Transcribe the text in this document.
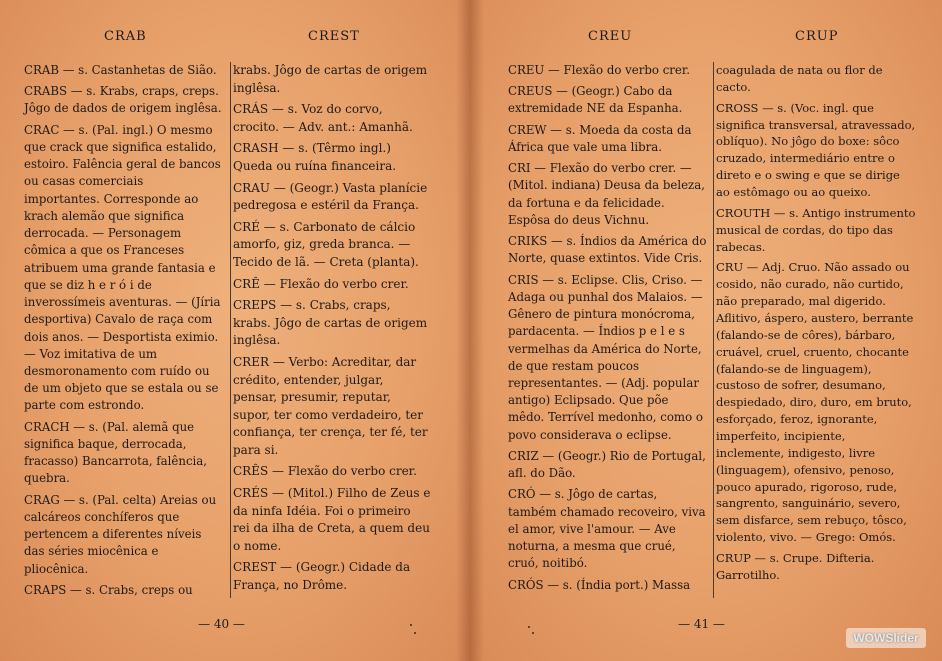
CRAB	CREST

CRAB — s. Castanhetas de Sião.

CRABS — s. Krabs, craps, creps. Jôgo de dados de origem inglêsa.

CRAC — s. (Pal. ingl.) O mesmo que crack que significa estalido, estoiro. Falência geral de bancos ou casas comerciais importantes. Corresponde ao krach alemão que significa derrocada. — Personagem cômica a que os Franceses atribuem uma grande fantasia e que se diz h e r ó i de inverossímeis aventuras. — (Jíria desportiva) Cavalo de raça com dois anos. — Desportista eximio. — Voz imitativa de um desmoronamento com ruído ou de um objeto que se estala ou se parte com estrondo.

CRACH — s. (Pal. alemã que significa baque, derrocada, fracasso) Bancarrota, falência, quebra.

CRAG — s. (Pal. celta) Areias ou calcáreos conchíferos que pertencem a diferentes níveis das séries miocênica e pliocênica.

CRAPS — s. Crabs, creps ou

krabs. Jôgo de cartas de origem inglêsa.

CRÁS — s. Voz do corvo, crocito. — Adv. ant.: Amanhã.

CRASH — s. (Têrmo ingl.) Queda ou ruína financeira.

CRAU — (Geogr.) Vasta planície pedregosa e estéril da França.

CRÉ — s. Carbonato de cálcio amorfo, giz, greda branca. — Tecido de lã. — Creta (planta).

CRÊ — Flexão do verbo crer.

CREPS — s. Crabs, craps, krabs. Jôgo de cartas de origem inglêsa.

CRER — Verbo: Acreditar, dar crédito, entender, julgar, pensar, presumir, reputar, supor, ter como verdadeiro, ter confiança, ter crença, ter fé, ter para si.

CRÊS — Flexão do verbo crer.

CRÉS — (Mitol.) Filho de Zeus e da ninfa Idéia. Foi o primeiro rei da ilha de Creta, a quem deu o nome.

CREST — (Geogr.) Cidade da França, no Drôme.

— 40 —
CREU	CRUP

CREU — Flexão do verbo crer.

CREUS — (Geogr.) Cabo da extremidade NE da Espanha.

CREW — s. Moeda da costa da África que vale uma libra.

CRI — Flexão do verbo crer. — (Mitol. indiana) Deusa da beleza, da fortuna e da felicidade. Espôsa do deus Vichnu.

CRIKS — s. Índios da América do Norte, quase extintos. Vide Cris.

CRIS — s. Eclipse. Clis, Criso. — Adaga ou punhal dos Malaios. — Gênero de pintura monócroma, pardacenta. — Índios p e l e s vermelhas da América do Norte, de que restam poucos representantes. — (Adj. popular antigo) Eclipsado. Que põe mêdo. Terrível medonho, como o povo considerava o eclipse.

CRIZ — (Geogr.) Rio de Portugal, afl. do Dão.

CRÓ — s. Jôgo de cartas, também chamado recoveiro, viva el amor, vive l'amour. — Ave noturna, a mesma que crué, cruó, noitibó.

CRÓS — s. (Índia port.) Massa

coagulada de nata ou flor de cacto.

CROSS — s. (Voc. ingl. que significa transversal, atravessado, oblíquo). No jôgo do boxe: sôco cruzado, intermediário entre o direto e o swing e que se dirige ao estômago ou ao queixo.

CROUTH — s. Antigo instrumento musical de cordas, do tipo das rabecas.

CRU — Adj. Cruo. Não assado ou cosido, não curado, não curtido, não preparado, mal digerido. Aflitivo, áspero, austero, berrante (falando-se de côres), bárbaro, cruável, cruel, cruento, chocante (falando-se de linguagem), custoso de sofrer, desumano, despiedado, diro, duro, em bruto, esforçado, feroz, ignorante, imperfeito, incipiente, inclemente, indigesto, livre (linguagem), ofensivo, penoso, pouco apurado, rigoroso, rude, sangrento, sanguinário, severo, sem disfarce, sem rebuço, tôsco, violento, vivo. — Grego: Omós.

CRUP — s. Crupe. Difteria. Garrotilho.

— 41 —
WOWSlider
